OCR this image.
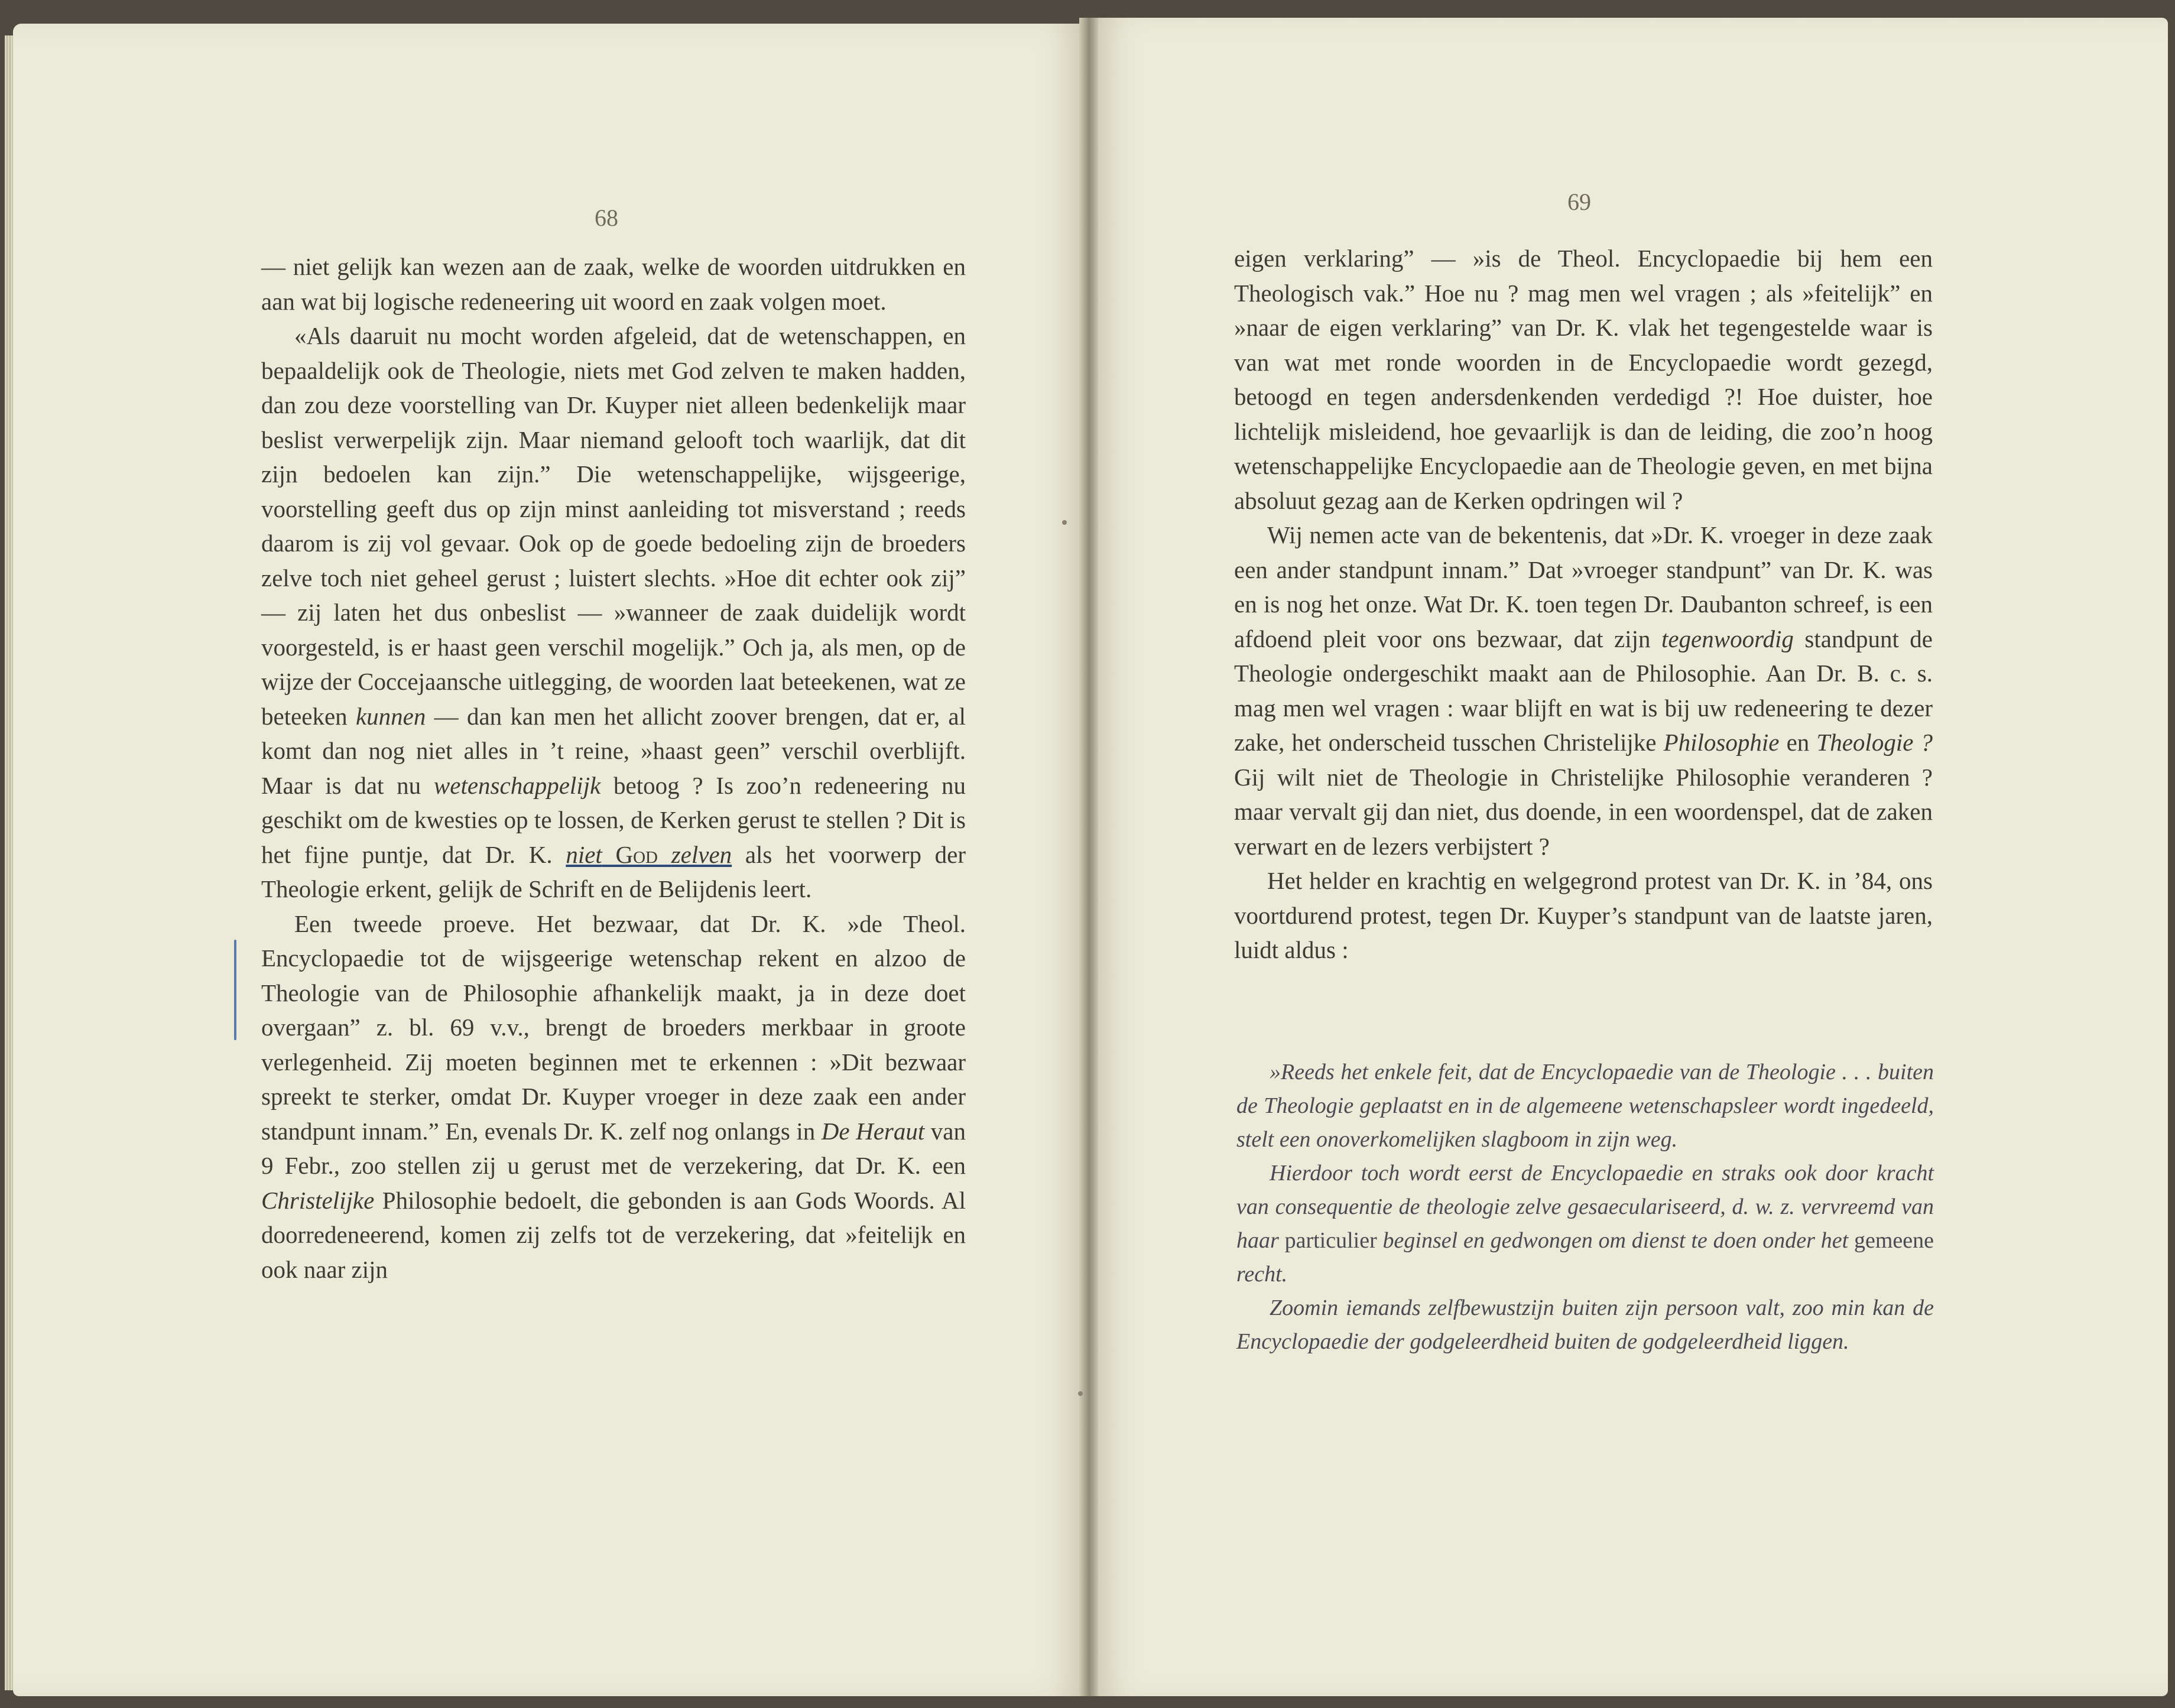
68
69

— niet gelijk kan wezen aan de zaak, welke de woorden uitdrukken en aan wat bij logische redeneering uit woord en zaak volgen moet.

«Als daaruit nu mocht worden afgeleid, dat de wetenschappen, en bepaaldelijk ook de Theologie, niets met God zelven te maken hadden, dan zou deze voorstelling van Dr. Kuyper niet alleen bedenkelijk maar beslist verwerpelijk zijn. Maar niemand gelooft toch waarlijk, dat dit zijn bedoelen kan zijn.” Die wetenschappelijke, wijsgeerige, voorstelling geeft dus op zijn minst aanleiding tot misverstand ; reeds daarom is zij vol gevaar. Ook op de goede bedoeling zijn de broeders zelve toch niet geheel gerust ; luistert slechts. »Hoe dit echter ook zij” — zij laten het dus onbeslist — »wanneer de zaak duidelijk wordt voorgesteld, is er haast geen verschil mogelijk.” Och ja, als men, op de wijze der Coccejaansche uitlegging, de woorden laat beteekenen, wat ze beteeken kunnen — dan kan men het allicht zoover brengen, dat er, al komt dan nog niet alles in ’t reine, »haast geen” verschil overblijft. Maar is dat nu wetenschappelijk betoog ? Is zoo’n redeneering nu geschikt om de kwesties op te lossen, de Kerken gerust te stellen ? Dit is het fijne puntje, dat Dr. K. niet God zelven als het voorwerp der Theologie erkent, gelijk de Schrift en de Belijdenis leert.

Een tweede proeve. Het bezwaar, dat Dr. K. »de Theol. Encyclopaedie tot de wijsgeerige wetenschap rekent en alzoo de Theologie van de Philosophie afhankelijk maakt, ja in deze doet overgaan” z. bl. 69 v.v., brengt de broeders merkbaar in groote verlegenheid. Zij moeten beginnen met te erkennen : »Dit bezwaar spreekt te sterker, omdat Dr. Kuyper vroeger in deze zaak een ander standpunt innam.” En, evenals Dr. K. zelf nog onlangs in De Heraut van 9 Febr., zoo stellen zij u gerust met de verzekering, dat Dr. K. een Christelijke Philosophie bedoelt, die gebonden is aan Gods Woords. Al doorredeneerend, komen zij zelfs tot de verzekering, dat »feitelijk en ook naar zijn

eigen verklaring” — »is de Theol. Encyclopaedie bij hem een Theologisch vak.” Hoe nu ? mag men wel vragen ; als »feitelijk” en »naar de eigen verklaring” van Dr. K. vlak het tegengestelde waar is van wat met ronde woorden in de Encyclopaedie wordt gezegd, betoogd en tegen andersdenkenden verdedigd ?! Hoe duister, hoe lichtelijk misleidend, hoe gevaarlijk is dan de leiding, die zoo’n hoog wetenschappelijke Encyclopaedie aan de Theologie geven, en met bijna absoluut gezag aan de Kerken opdringen wil ?

Wij nemen acte van de bekentenis, dat »Dr. K. vroeger in deze zaak een ander standpunt innam.” Dat »vroeger standpunt” van Dr. K. was en is nog het onze. Wat Dr. K. toen tegen Dr. Daubanton schreef, is een afdoend pleit voor ons bezwaar, dat zijn tegenwoordig standpunt de Theologie ondergeschikt maakt aan de Philosophie. Aan Dr. B. c. s. mag men wel vragen : waar blijft en wat is bij uw redeneering te dezer zake, het onderscheid tusschen Christelijke Philosophie en Theologie ? Gij wilt niet de Theologie in Christelijke Philosophie veranderen ? maar vervalt gij dan niet, dus doende, in een woordenspel, dat de zaken verwart en de lezers verbijstert ?

Het helder en krachtig en welgegrond protest van Dr. K. in ’84, ons voortdurend protest, tegen Dr. Kuyper’s standpunt van de laatste jaren, luidt aldus :

»Reeds het enkele feit, dat de Encyclopaedie van de Theologie . . . buiten de Theologie geplaatst en in de algemeene wetenschapsleer wordt ingedeeld, stelt een onoverkomelijken slagboom in zijn weg.

Hierdoor toch wordt eerst de Encyclopaedie en straks ook door kracht van consequentie de theologie zelve gesaeculariseerd, d. w. z. vervreemd van haar particulier beginsel en gedwongen om dienst te doen onder het gemeene recht.

Zoomin iemands zelfbewustzijn buiten zijn persoon valt, zoo min kan de Encyclopaedie der godgeleerdheid buiten de godgeleerdheid liggen.
